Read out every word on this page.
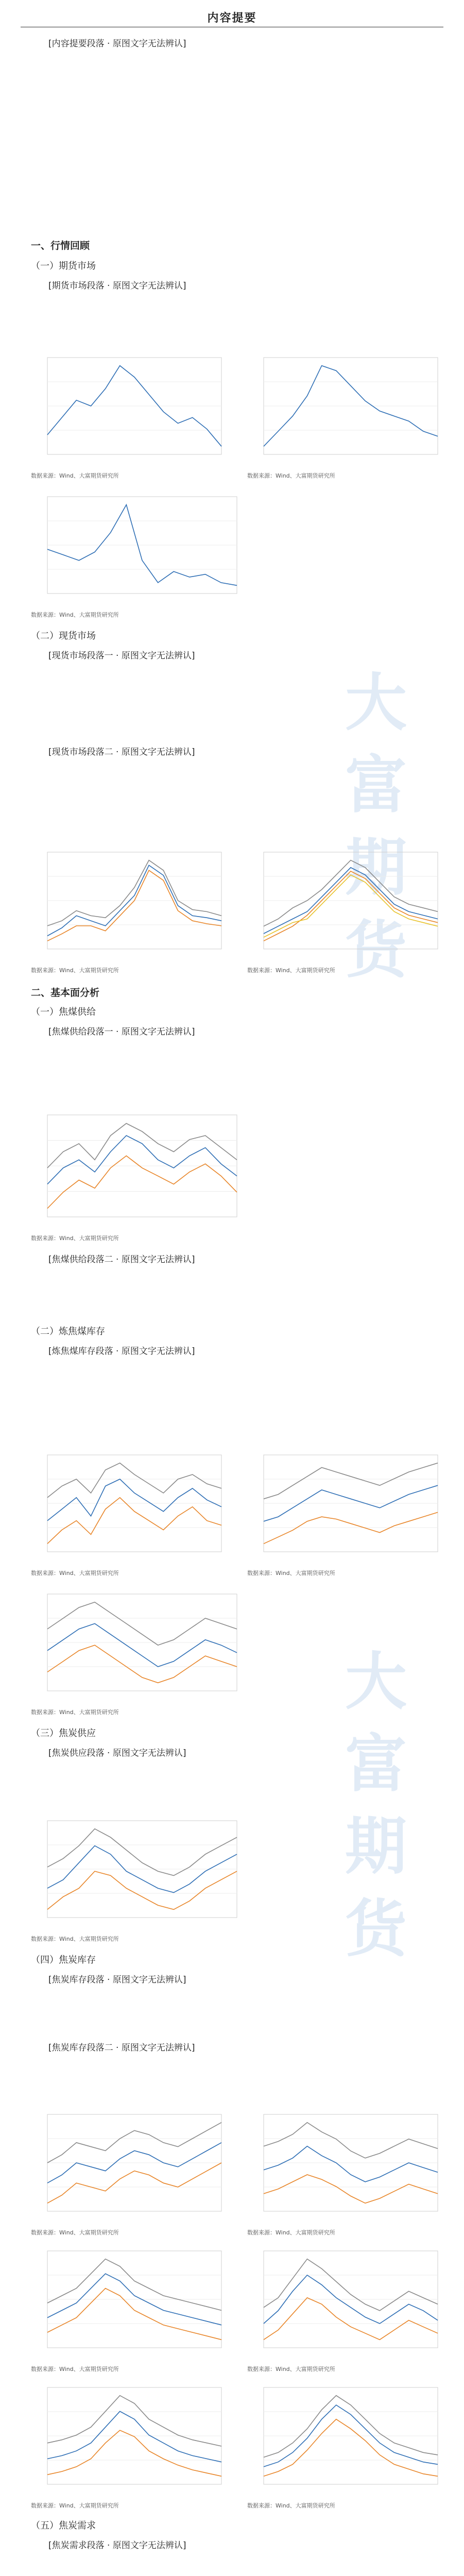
大富期货
大富期货
内容提要
[内容提要段落 · 原图文字无法辨认]
一、行情回顾
（一）期货市场
[期货市场段落 · 原图文字无法辨认]
数据来源：Wind、大富期货研究所	数据来源：Wind、大富期货研究所
数据来源：Wind、大富期货研究所
（二）现货市场
[现货市场段落一 · 原图文字无法辨认]
[现货市场段落二 · 原图文字无法辨认]
数据来源：Wind、大富期货研究所	数据来源：Wind、大富期货研究所
二、基本面分析
（一）焦煤供给
[焦煤供给段落一 · 原图文字无法辨认]
数据来源：Wind、大富期货研究所
[焦煤供给段落二 · 原图文字无法辨认]
（二）炼焦煤库存
[炼焦煤库存段落 · 原图文字无法辨认]
数据来源：Wind、大富期货研究所	数据来源：Wind、大富期货研究所
数据来源：Wind、大富期货研究所
（三）焦炭供应
[焦炭供应段落 · 原图文字无法辨认]
数据来源：Wind、大富期货研究所
（四）焦炭库存
[焦炭库存段落 · 原图文字无法辨认]
[焦炭库存段落二 · 原图文字无法辨认]
数据来源：Wind、大富期货研究所	数据来源：Wind、大富期货研究所
数据来源：Wind、大富期货研究所	数据来源：Wind、大富期货研究所
数据来源：Wind、大富期货研究所	数据来源：Wind、大富期货研究所
（五）焦炭需求
[焦炭需求段落 · 原图文字无法辨认]
